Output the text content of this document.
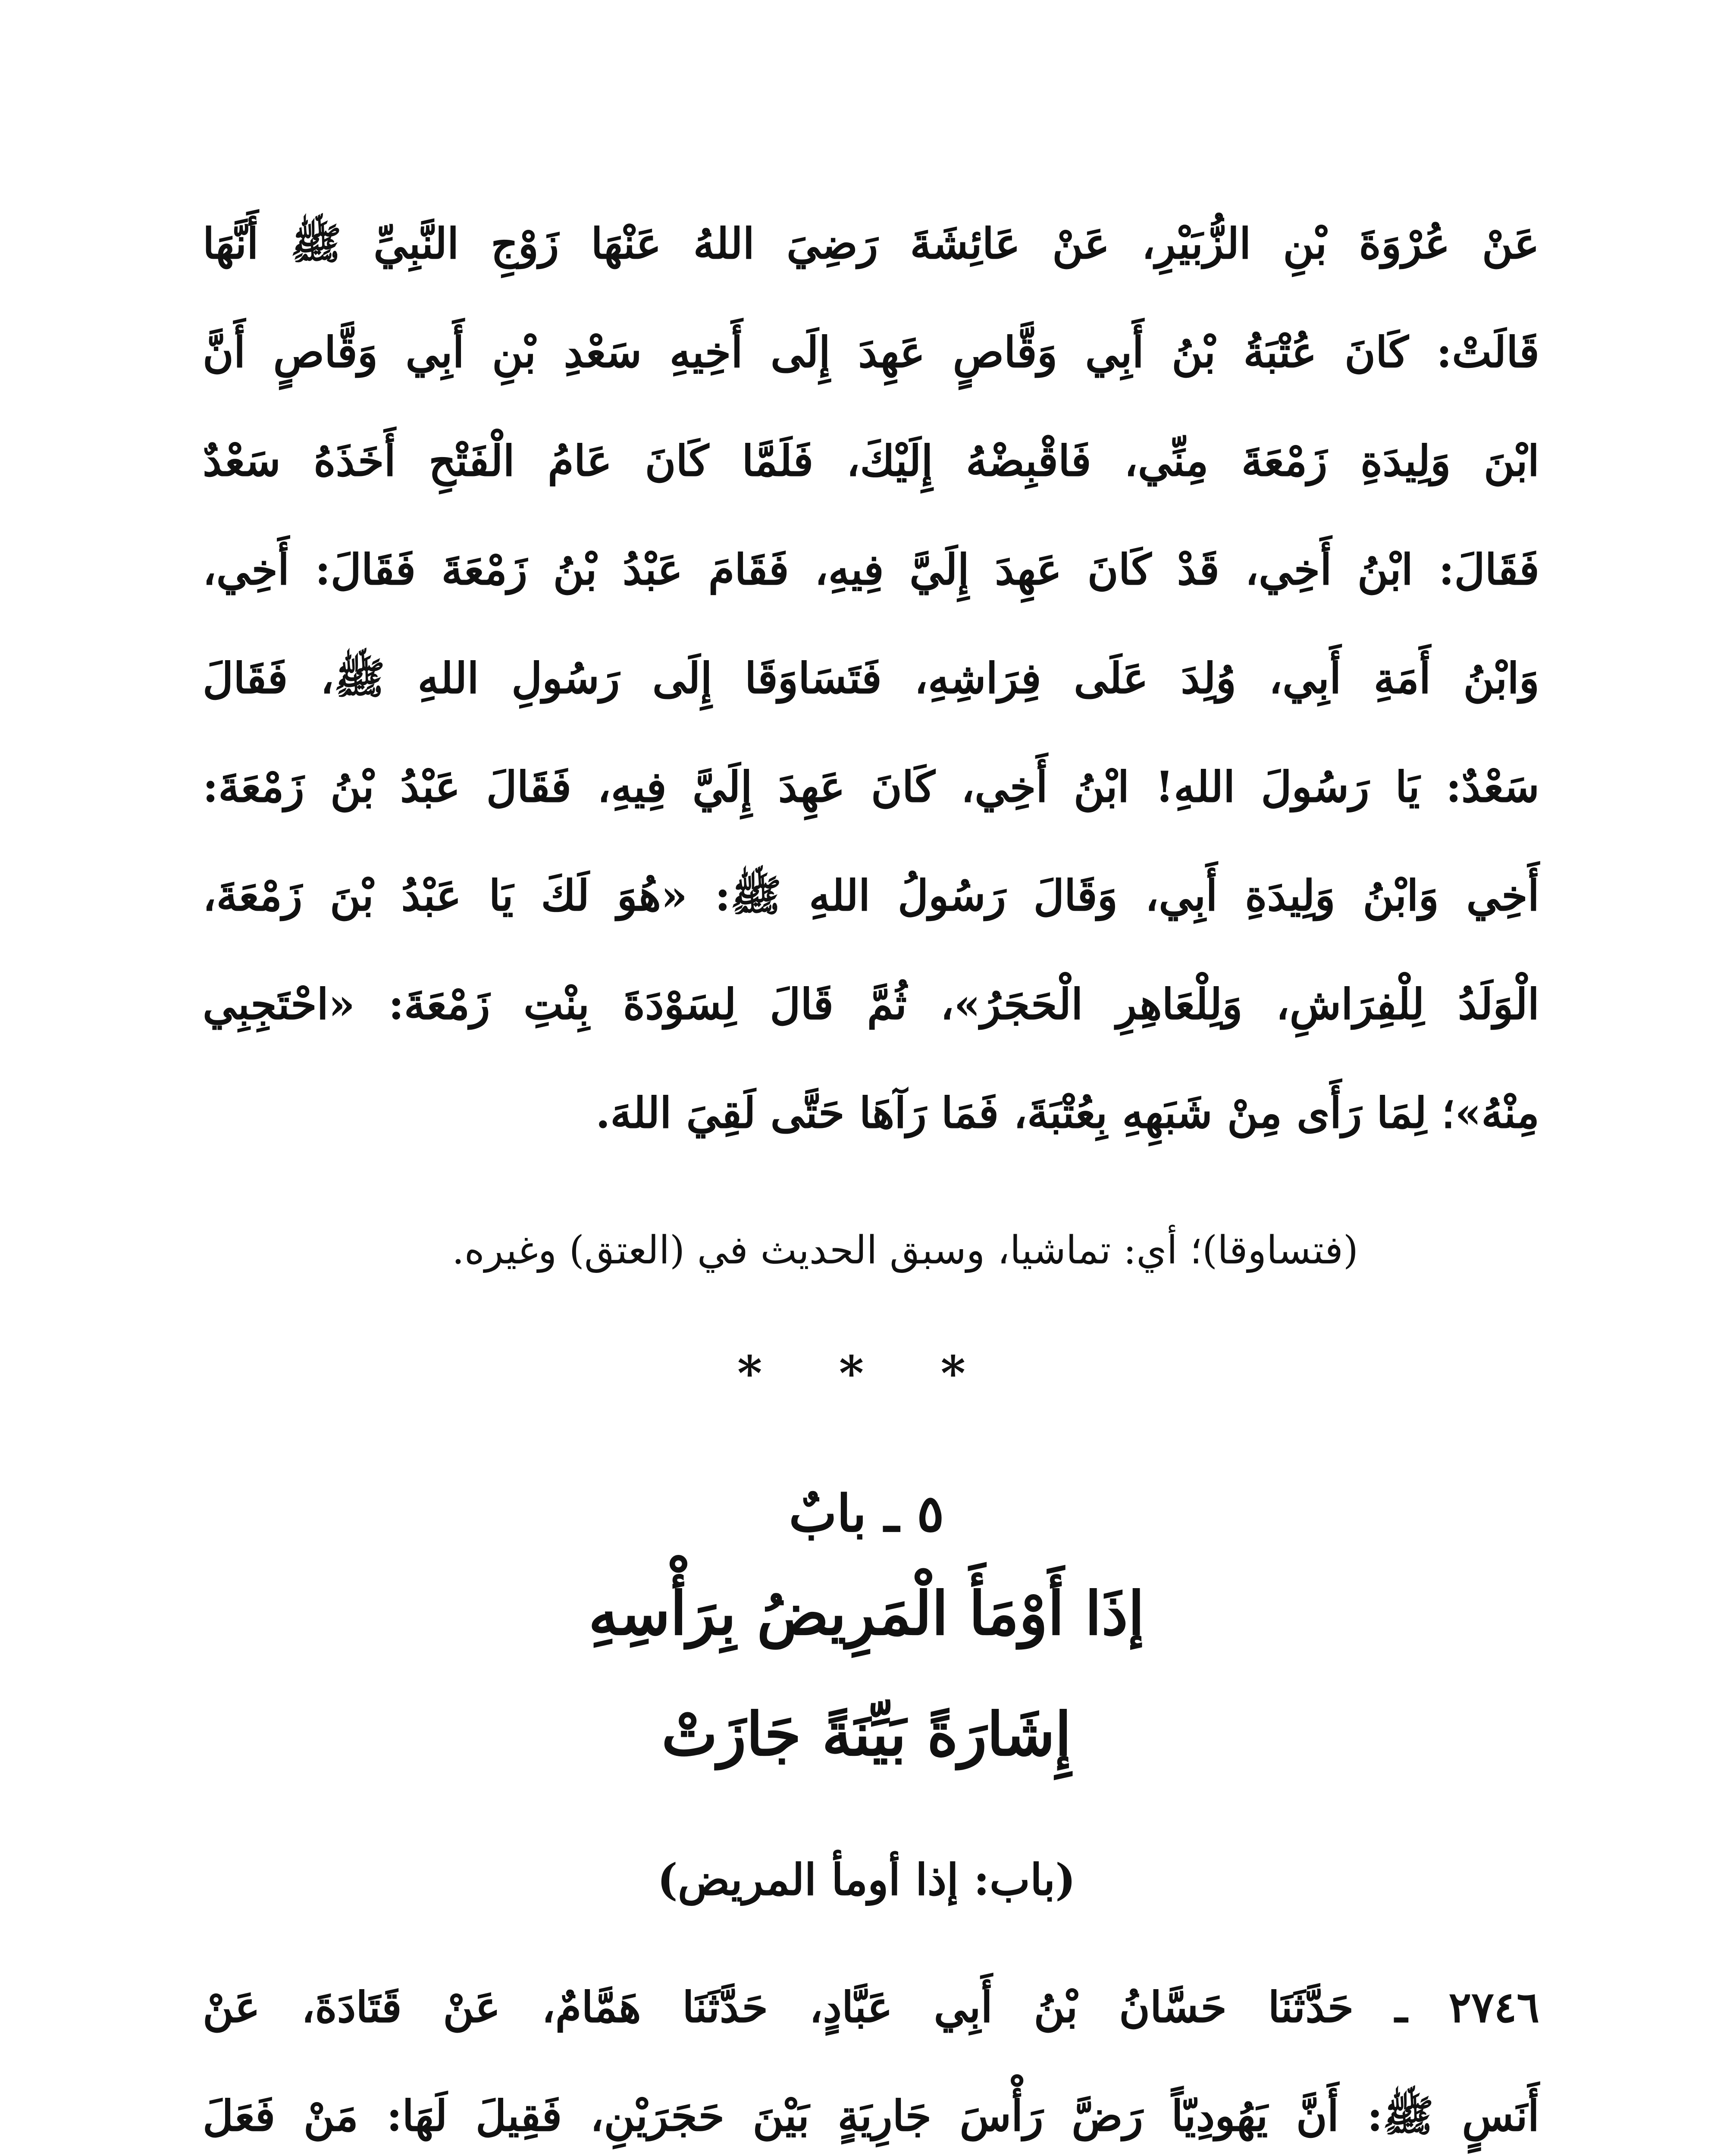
عَنْ عُرْوَةَ بْنِ الزُّبَيْرِ، عَنْ عَائِشَةَ رَضِيَ اللهُ عَنْهَا زَوْجِ النَّبِيِّ ﷺ أَنَّهَا
قَالَتْ: كَانَ عُتْبَةُ بْنُ أَبِي وَقَّاصٍ عَهِدَ إِلَى أَخِيهِ سَعْدِ بْنِ أَبِي وَقَّاصٍ أَنَّ
ابْنَ وَلِيدَةِ زَمْعَةَ مِنِّي، فَاقْبِضْهُ إِلَيْكَ، فَلَمَّا كَانَ عَامُ الْفَتْحِ أَخَذَهُ سَعْدٌ
فَقَالَ: ابْنُ أَخِي، قَدْ كَانَ عَهِدَ إِلَيَّ فِيهِ، فَقَامَ عَبْدُ بْنُ زَمْعَةَ فَقَالَ: أَخِي،
وَابْنُ أَمَةِ أَبِي، وُلِدَ عَلَى فِرَاشِهِ، فَتَسَاوَقَا إِلَى رَسُولِ اللهِ ﷺ، فَقَالَ
سَعْدٌ: يَا رَسُولَ اللهِ! ابْنُ أَخِي، كَانَ عَهِدَ إِلَيَّ فِيهِ، فَقَالَ عَبْدُ بْنُ زَمْعَةَ:
أَخِي وَابْنُ وَلِيدَةِ أَبِي، وَقَالَ رَسُولُ اللهِ ﷺ: «هُوَ لَكَ يَا عَبْدُ بْنَ زَمْعَةَ،
الْوَلَدُ لِلْفِرَاشِ، وَلِلْعَاهِرِ الْحَجَرُ»، ثُمَّ قَالَ لِسَوْدَةَ بِنْتِ زَمْعَةَ: «احْتَجِبِي
مِنْهُ»؛ لِمَا رَأَى مِنْ شَبَهِهِ بِعُتْبَةَ، فَمَا رَآهَا حَتَّى لَقِيَ اللهَ.
(فتساوقا)؛ أي: تماشيا، وسبق الحديث في (العتق) وغيره.
* * *
٥ ـ بابٌ
إذَا أَوْمَأَ الْمَرِيضُ بِرَأْسِهِ
إِشَارَةً بَيِّنَةً جَازَتْ
(باب: إذا أومأ المريض)
٢٧٤٦ ـ حَدَّثَنَا حَسَّانُ بْنُ أَبِي عَبَّادٍ، حَدَّثَنَا هَمَّامٌ، عَنْ قَتَادَةَ، عَنْ
أَنَسٍ ﷺ: أَنَّ يَهُودِيّاً رَضَّ رَأْسَ جَارِيَةٍ بَيْنَ حَجَرَيْنِ، فَقِيلَ لَهَا: مَنْ فَعَلَ
